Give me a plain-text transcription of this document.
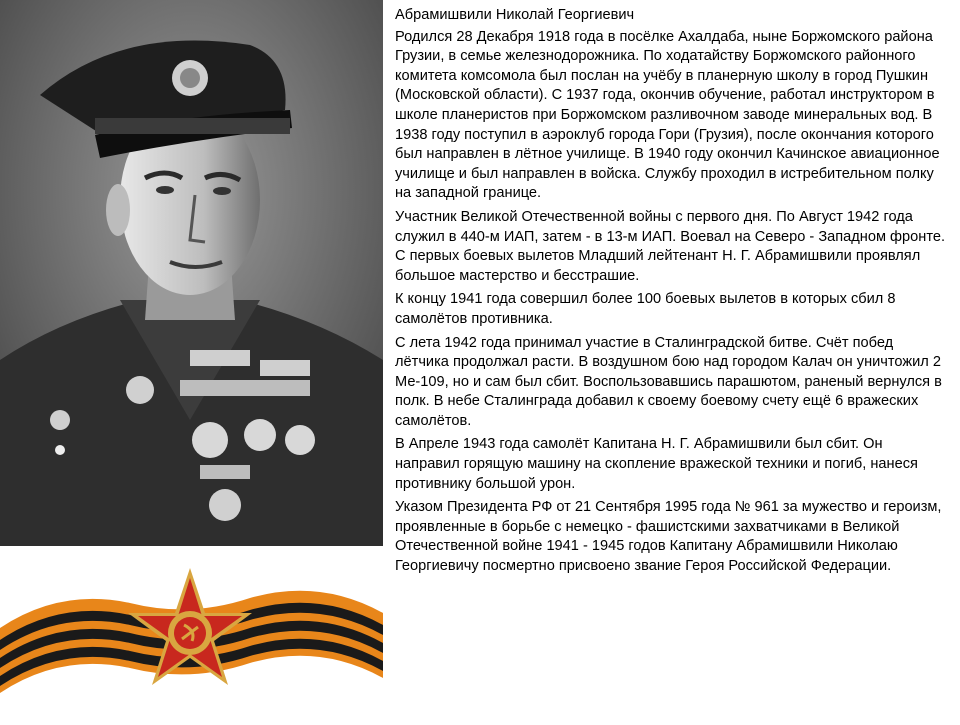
Абрамишвили Николай Георгиевич

Родился 28 Декабря 1918 года в посёлке Ахалдаба, ныне Боржомского района Грузии, в семье железнодорожника. По ходатайству Боржомского районного комитета комсомола был послан на учёбу в планерную школу в город Пушкин (Московской области). С 1937 года, окончив обучение, работал инструктором в школе планеристов при Боржомском разливочном заводе минеральных вод. В 1938 году поступил в аэроклуб города Гори (Грузия), после окончания которого был направлен в лётное училище. В 1940 году окончил Качинское авиационное училище и был направлен в войска. Службу проходил в истребительном полку на западной границе.

Участник Великой Отечественной войны с первого дня. По Август 1942 года служил в 440-м ИАП, затем - в 13-м ИАП. Воевал на Северо - Западном фронте. С первых боевых вылетов Младший лейтенант Н. Г. Абрамишвили проявлял большое мастерство и бесстрашие.

К концу 1941 года совершил более 100 боевых вылетов в которых сбил 8 самолётов противника.

С лета 1942 года принимал участие в Сталинградской битве. Счёт побед лётчика продолжал расти. В воздушном бою над городом Калач он уничтожил 2 Ме-109, но и сам был сбит. Воспользовавшись парашютом, раненый вернулся в полк. В небе Сталинграда добавил к своему боевому счету ещё 6 вражеских самолётов.

В Апреле 1943 года самолёт Капитана Н. Г. Абрамишвили был сбит. Он направил горящую машину на скопление вражеской техники и погиб, нанеся противнику большой урон.

Указом Президента РФ от 21 Сентября 1995 года № 961 за мужество и героизм, проявленные в борьбе с немецко - фашистскими захватчиками в Великой Отечественной войне 1941 - 1945 годов Капитану Абрамишвили Николаю Георгиевичу посмертно присвоено звание Героя Российской Федерации.
